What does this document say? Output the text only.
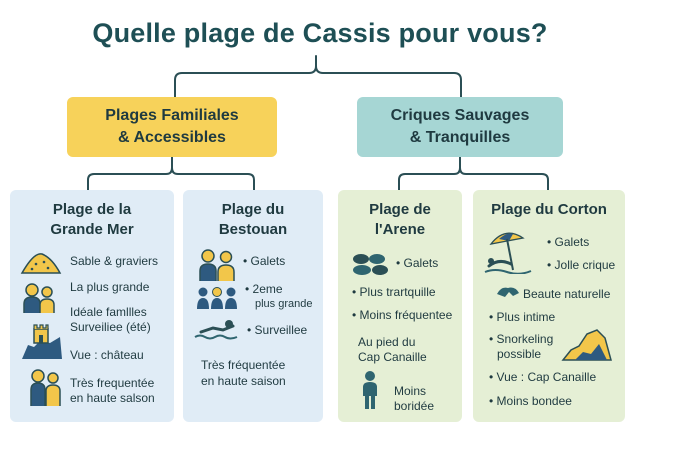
Quelle plage de Cassis pour vous?
Plages Familiales
& Accessibles
Criques Sauvages
& Tranquilles
Plage de la
Grande Mer
Sable & graviers
La plus grande
Idéale famllles
Surveiliee (été)
Vue : château
Très frequentée
en haute salson
Plage du
Bestouan
• Galets
• 2eme
plus grande
• Surveillee
Très fréquentée
en haute saison
Plage de
l'Arene
• Galets
• Plus trartquille
• Moins fréquentee
Au pied du
Cap Canaille
Moins
boridée
Plage du Corton
• Galets
• Jolle crique
Beaute naturelle
• Plus intime
• Snorkeling
possible
• Vue : Cap Canaille
• Moins bondee
